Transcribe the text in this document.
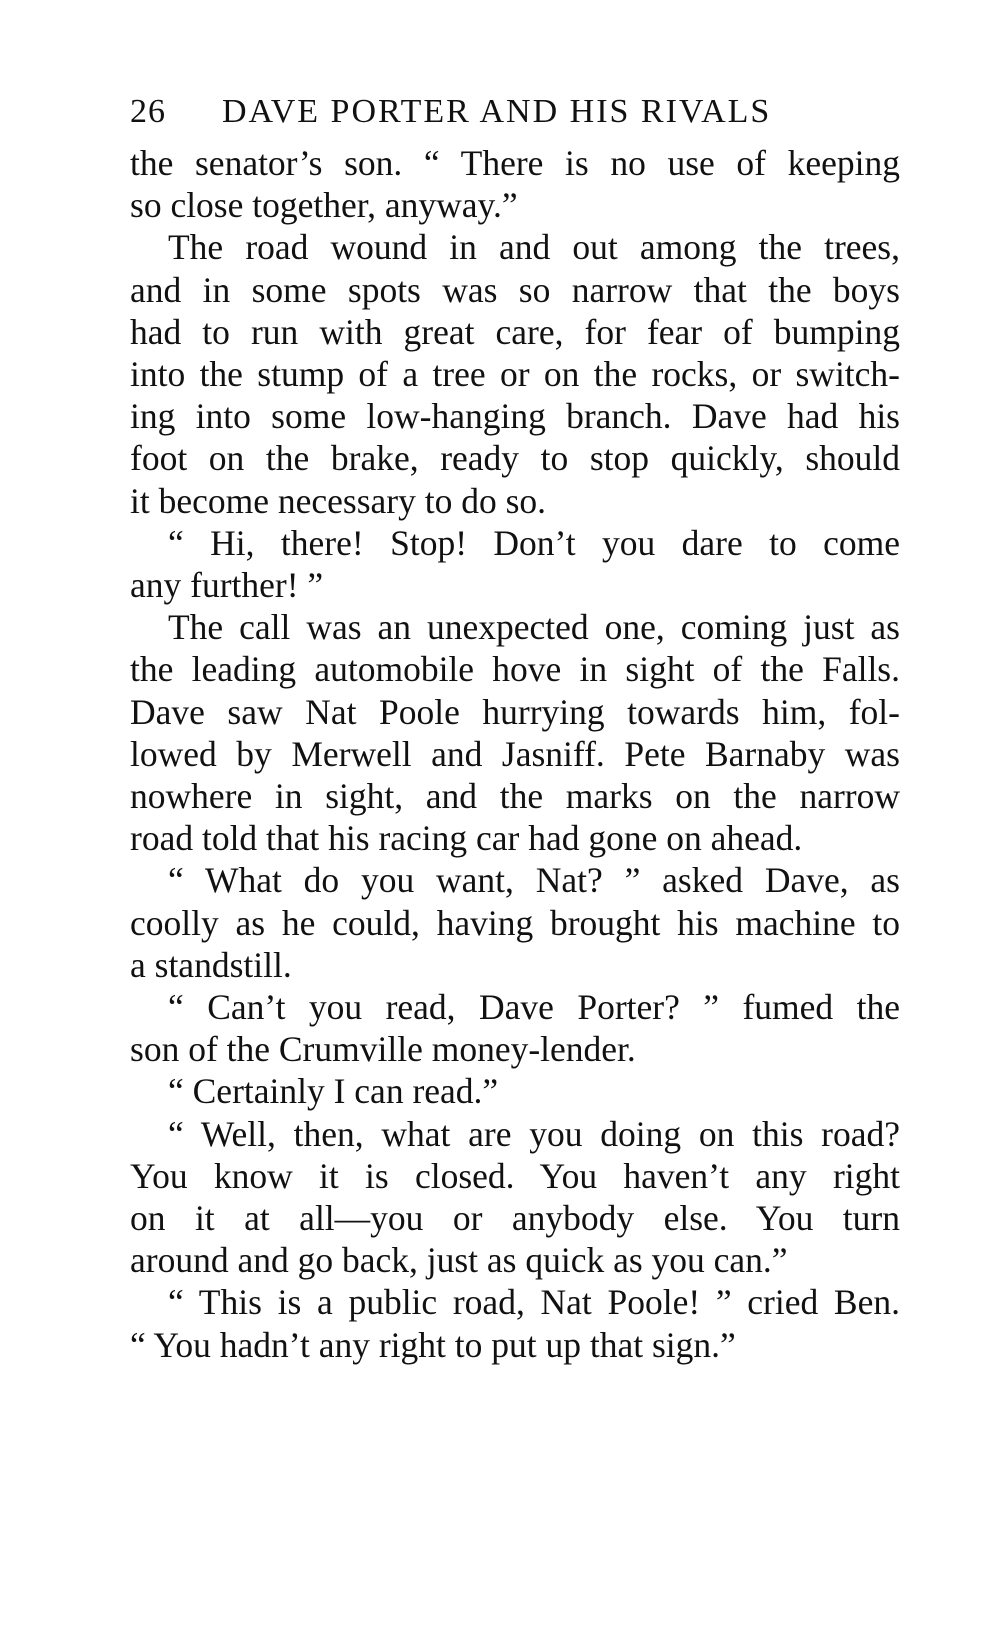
26	DAVE PORTER AND HIS RIVALS
the senator’s son. “ There is no use of keeping
so close together, anyway.”
The road wound in and out among the trees,
and in some spots was so narrow that the boys
had to run with great care, for fear of bumping
into the stump of a tree or on the rocks, or switch-
ing into some low-hanging branch. Dave had his
foot on the brake, ready to stop quickly, should
it become necessary to do so.
“ Hi, there! Stop! Don’t you dare to come
any further! ”
The call was an unexpected one, coming just as
the leading automobile hove in sight of the Falls.
Dave saw Nat Poole hurrying towards him, fol-
lowed by Merwell and Jasniff. Pete Barnaby was
nowhere in sight, and the marks on the narrow
road told that his racing car had gone on ahead.
“ What do you want, Nat? ” asked Dave, as
coolly as he could, having brought his machine to
a standstill.
“ Can’t you read, Dave Porter? ” fumed the
son of the Crumville money-lender.
“ Certainly I can read.”
“ Well, then, what are you doing on this road?
You know it is closed. You haven’t any right
on it at all—you or anybody else. You turn
around and go back, just as quick as you can.”
“ This is a public road, Nat Poole! ” cried Ben.
“ You hadn’t any right to put up that sign.”
